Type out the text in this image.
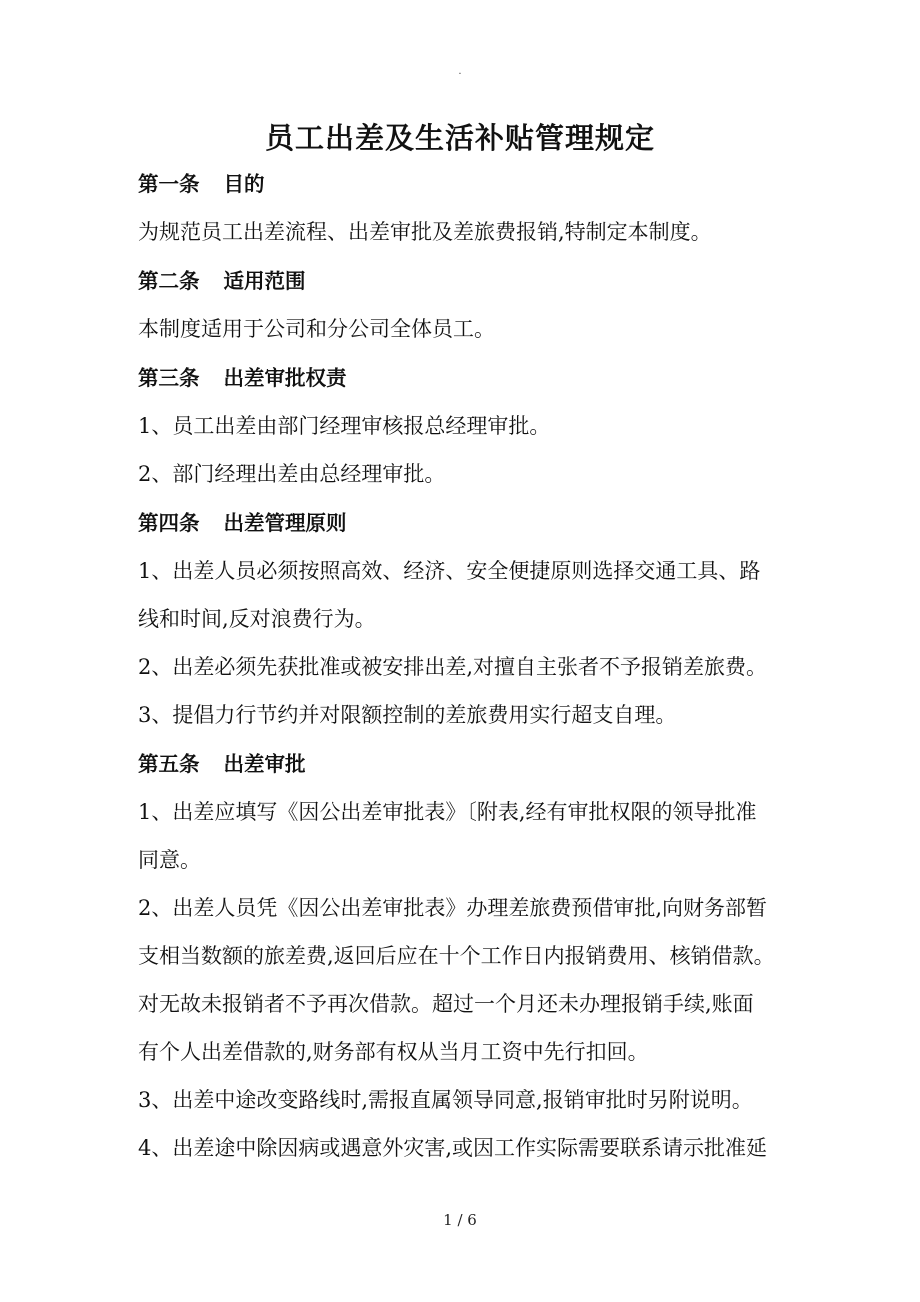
.
员工出差及生活补贴管理规定
第一条 目的
为规范员工出差流程、出差审批及差旅费报销,特制定本制度。
第二条 适用范围
本制度适用于公司和分公司全体员工。
第三条 出差审批权责
1、员工出差由部门经理审核报总经理审批。
2、部门经理出差由总经理审批。
第四条 出差管理原则
1、出差人员必须按照高效、经济、安全便捷原则选择交通工具、路
线和时间,反对浪费行为。
2、出差必须先获批准或被安排出差,对擅自主张者不予报销差旅费。
3、提倡力行节约并对限额控制的差旅费用实行超支自理。
第五条 出差审批
1、出差应填写《因公出差审批表》〔附表,经有审批权限的领导批准
同意。
2、出差人员凭《因公出差审批表》办理差旅费预借审批,向财务部暂
支相当数额的旅差费,返回后应在十个工作日内报销费用、核销借款。
对无故未报销者不予再次借款。超过一个月还未办理报销手续,账面
有个人出差借款的,财务部有权从当月工资中先行扣回。
3、出差中途改变路线时,需报直属领导同意,报销审批时另附说明。
4、出差途中除因病或遇意外灾害,或因工作实际需要联系请示批准延
1 / 6
